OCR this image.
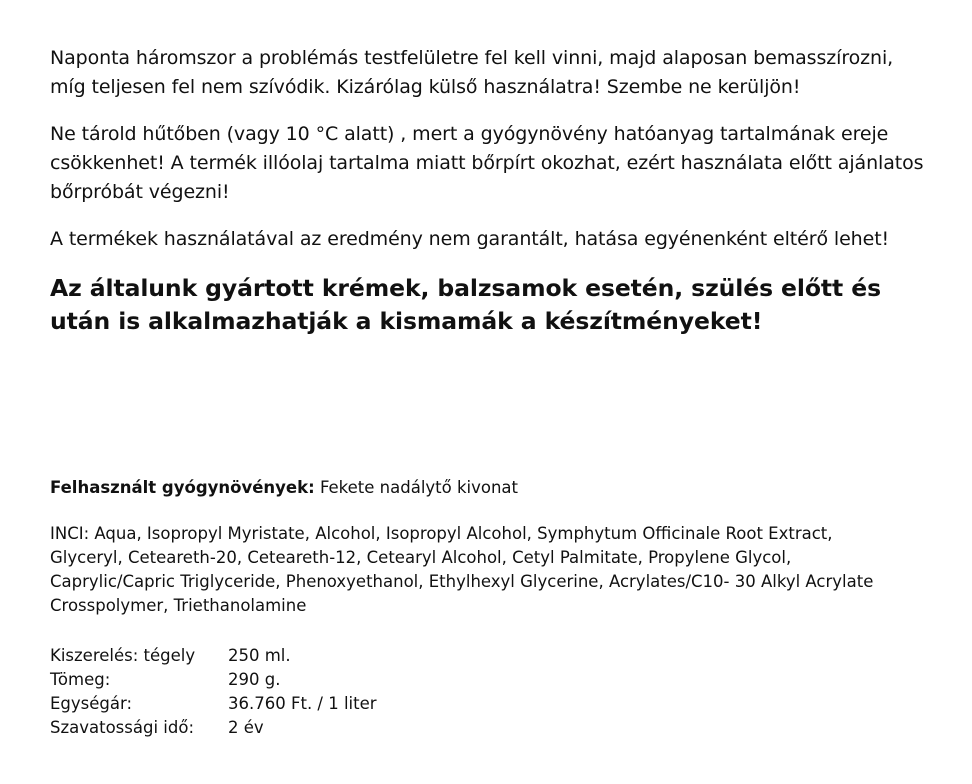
Naponta háromszor a problémás testfelületre fel kell vinni, majd alaposan bemasszírozni, míg teljesen fel nem szívódik. Kizárólag külső használatra! Szembe ne kerüljön!

Ne tárold hűtőben (vagy 10 °C alatt) , mert a gyógynövény hatóanyag tartalmának ereje csökkenhet! A termék illóolaj tartalma miatt bőrpírt okozhat, ezért használata előtt ajánlatos bőrpróbát végezni!

A termékek használatával az eredmény nem garantált, hatása egyénenként eltérő lehet!

Az általunk gyártott krémek, balzsamok esetén, szülés előtt és után is alkalmazhatják a kismamák a készítményeket!

Felhasznált gyógynövények: Fekete nadálytő kivonat
INCI: Aqua, Isopropyl Myristate, Alcohol, Isopropyl Alcohol, Symphytum Officinale Root Extract, Glyceryl, Ceteareth-20, Ceteareth-12, Cetearyl Alcohol, Cetyl Palmitate, Propylene Glycol, Caprylic/Capric Triglyceride, Phenoxyethanol, Ethylhexyl Glycerine, Acrylates/C10- 30 Alkyl Acrylate Crosspolymer, Triethanolamine
Kiszerelés: tégely	250 ml.
Tömeg:	290 g.
Egységár:	36.760 Ft. / 1 liter
Szavatossági idő:	2 év
